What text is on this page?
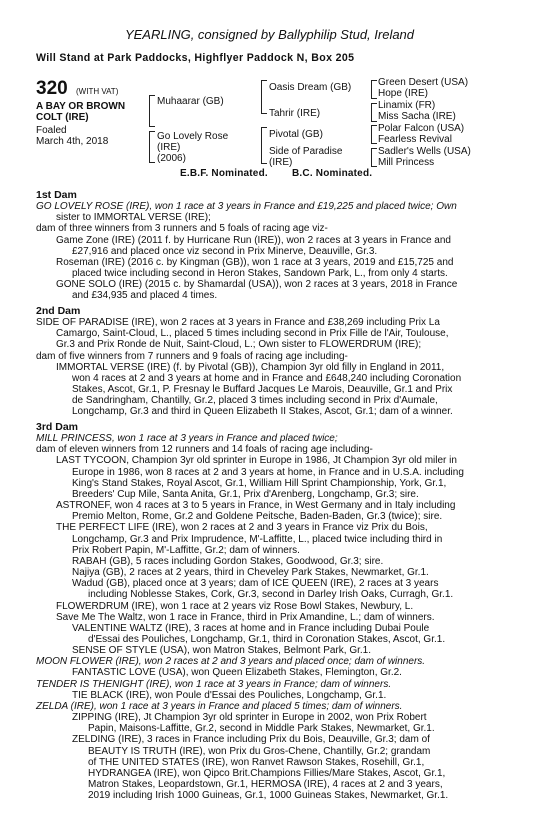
YEARLING, consigned by Ballyphilip Stud, Ireland
Will Stand at Park Paddocks, Highflyer Paddock N, Box 205
320 (WITH VAT)
A BAY OR BROWN
COLT (IRE)
Foaled
March 4th, 2018
Muhaarar (GB)
Go Lovely Rose
(IRE)
(2006)
Oasis Dream (GB)
Tahrir (IRE)
Pivotal (GB)
Side of Paradise
(IRE)
Green Desert (USA)
Hope (IRE)
Linamix (FR)
Miss Sacha (IRE)
Polar Falcon (USA)
Fearless Revival
Sadler's Wells (USA)
Mill Princess
E.B.F. Nominated. B.C. Nominated.
1st Dam
GO LOVELY ROSE (IRE), won 1 race at 3 years in France and £19,225 and placed twice; Own
sister to IMMORTAL VERSE (IRE);
dam of three winners from 3 runners and 5 foals of racing age viz-
Game Zone (IRE) (2011 f. by Hurricane Run (IRE)), won 2 races at 3 years in France and
£27,916 and placed once viz second in Prix Minerve, Deauville, Gr.3.
Roseman (IRE) (2016 c. by Kingman (GB)), won 1 race at 3 years, 2019 and £15,725 and
placed twice including second in Heron Stakes, Sandown Park, L., from only 4 starts.
GONE SOLO (IRE) (2015 c. by Shamardal (USA)), won 2 races at 3 years, 2018 in France
and £34,935 and placed 4 times.
2nd Dam
SIDE OF PARADISE (IRE), won 2 races at 3 years in France and £38,269 including Prix La
Camargo, Saint-Cloud, L., placed 5 times including second in Prix Fille de l'Air, Toulouse,
Gr.3 and Prix Ronde de Nuit, Saint-Cloud, L.; Own sister to FLOWERDRUM (IRE);
dam of five winners from 7 runners and 9 foals of racing age including-
IMMORTAL VERSE (IRE) (f. by Pivotal (GB)), Champion 3yr old filly in England in 2011,
won 4 races at 2 and 3 years at home and in France and £648,240 including Coronation
Stakes, Ascot, Gr.1, P. Fresnay le Buffard Jacques Le Marois, Deauville, Gr.1 and Prix
de Sandringham, Chantilly, Gr.2, placed 3 times including second in Prix d'Aumale,
Longchamp, Gr.3 and third in Queen Elizabeth II Stakes, Ascot, Gr.1; dam of a winner.
3rd Dam
MILL PRINCESS, won 1 race at 3 years in France and placed twice;
dam of eleven winners from 12 runners and 14 foals of racing age including-
LAST TYCOON, Champion 3yr old sprinter in Europe in 1986, Jt Champion 3yr old miler in
Europe in 1986, won 8 races at 2 and 3 years at home, in France and in U.S.A. including
King's Stand Stakes, Royal Ascot, Gr.1, William Hill Sprint Championship, York, Gr.1,
Breeders' Cup Mile, Santa Anita, Gr.1, Prix d'Arenberg, Longchamp, Gr.3; sire.
ASTRONEF, won 4 races at 3 to 5 years in France, in West Germany and in Italy including
Premio Melton, Rome, Gr.2 and Goldene Peitsche, Baden-Baden, Gr.3 (twice); sire.
THE PERFECT LIFE (IRE), won 2 races at 2 and 3 years in France viz Prix du Bois,
Longchamp, Gr.3 and Prix Imprudence, M'-Laffitte, L., placed twice including third in
Prix Robert Papin, M'-Laffitte, Gr.2; dam of winners.
RABAH (GB), 5 races including Gordon Stakes, Goodwood, Gr.3; sire.
Najiya (GB), 2 races at 2 years, third in Cheveley Park Stakes, Newmarket, Gr.1.
Wadud (GB), placed once at 3 years; dam of ICE QUEEN (IRE), 2 races at 3 years
including Noblesse Stakes, Cork, Gr.3, second in Darley Irish Oaks, Curragh, Gr.1.
FLOWERDRUM (IRE), won 1 race at 2 years viz Rose Bowl Stakes, Newbury, L.
Save Me The Waltz, won 1 race in France, third in Prix Amandine, L.; dam of winners.
VALENTINE WALTZ (IRE), 3 races at home and in France including Dubai Poule
d'Essai des Pouliches, Longchamp, Gr.1, third in Coronation Stakes, Ascot, Gr.1.
SENSE OF STYLE (USA), won Matron Stakes, Belmont Park, Gr.1.
MOON FLOWER (IRE), won 2 races at 2 and 3 years and placed once; dam of winners.
FANTASTIC LOVE (USA), won Queen Elizabeth Stakes, Flemington, Gr.2.
TENDER IS THENIGHT (IRE), won 1 race at 3 years in France; dam of winners.
TIE BLACK (IRE), won Poule d'Essai des Pouliches, Longchamp, Gr.1.
ZELDA (IRE), won 1 race at 3 years in France and placed 5 times; dam of winners.
ZIPPING (IRE), Jt Champion 3yr old sprinter in Europe in 2002, won Prix Robert
Papin, Maisons-Laffitte, Gr.2, second in Middle Park Stakes, Newmarket, Gr.1.
ZELDING (IRE), 3 races in France including Prix du Bois, Deauville, Gr.3; dam of
BEAUTY IS TRUTH (IRE), won Prix du Gros-Chene, Chantilly, Gr.2; grandam
of THE UNITED STATES (IRE), won Ranvet Rawson Stakes, Rosehill, Gr.1,
HYDRANGEA (IRE), won Qipco Brit.Champions Fillies/Mare Stakes, Ascot, Gr.1,
Matron Stakes, Leopardstown, Gr.1, HERMOSA (IRE), 4 races at 2 and 3 years,
2019 including Irish 1000 Guineas, Gr.1, 1000 Guineas Stakes, Newmarket, Gr.1.
